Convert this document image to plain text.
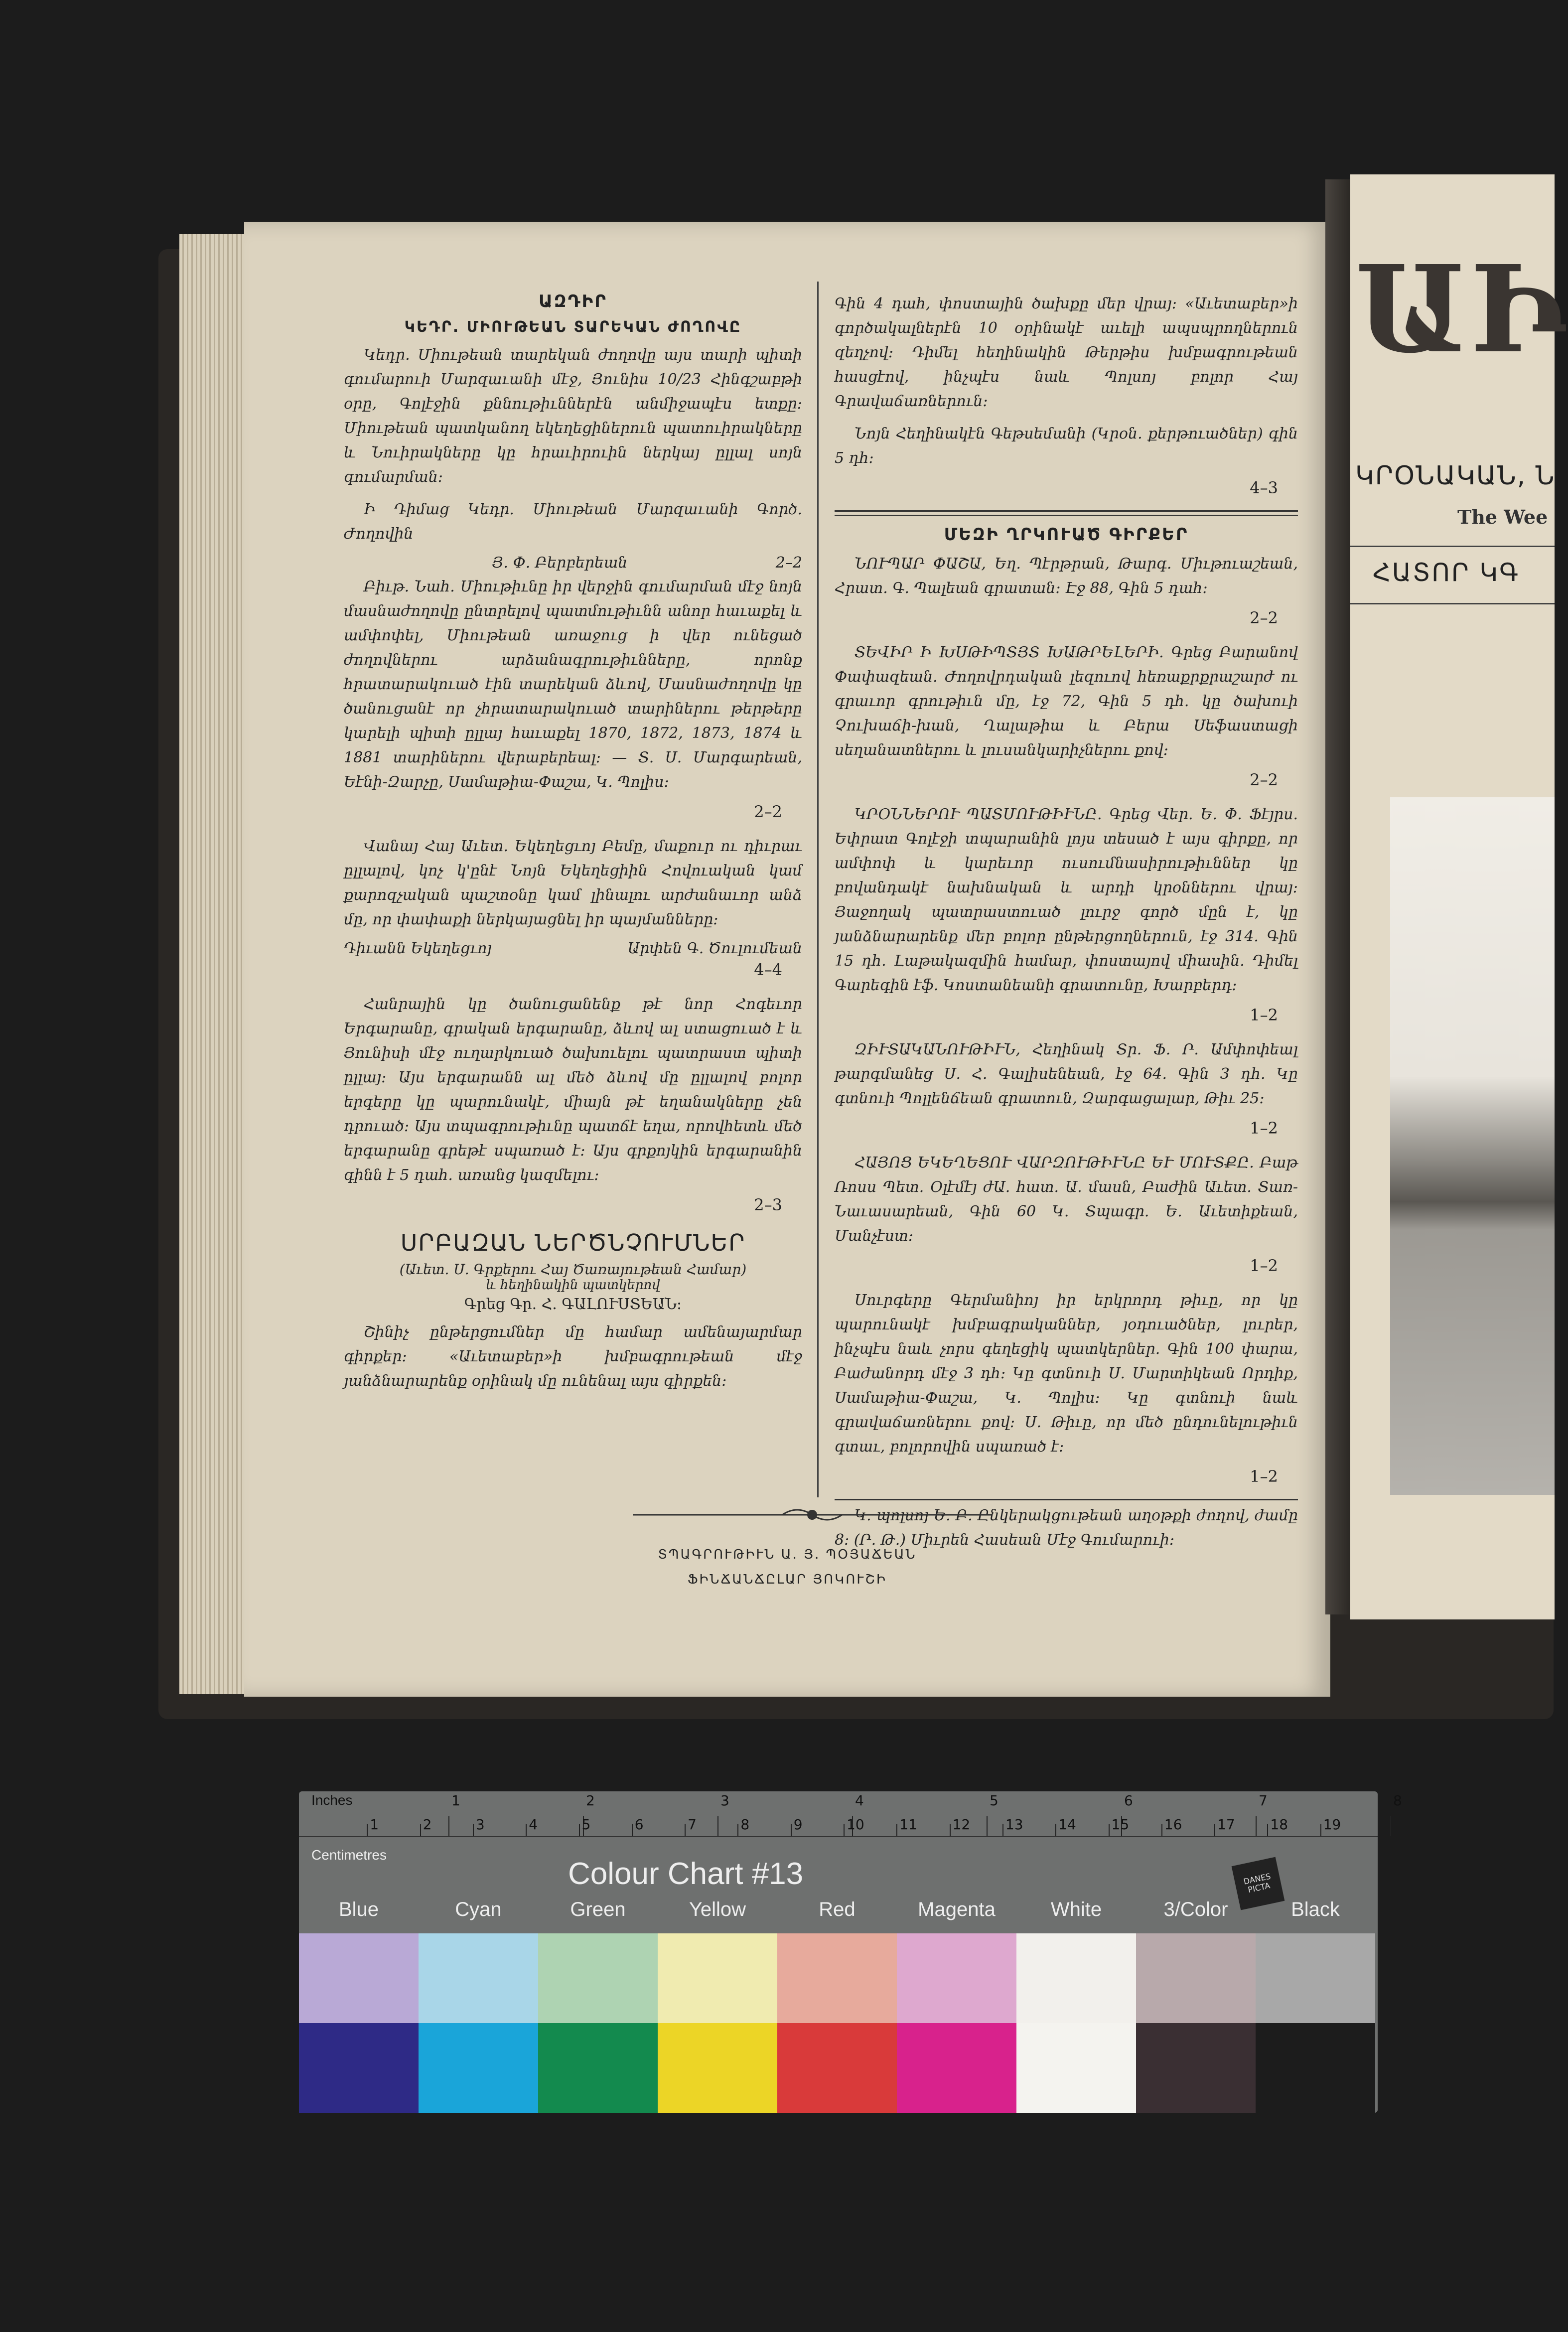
ԱԶԴԻՐ

ԿԵԴՐ. ՄԻՈՒԹԵԱՆ ՏԱՐԵԿԱՆ ԺՈՂՈՎԸ

Կեդր. Միութեան տարեկան ժողովը այս տարի պիտի գումարուի Մարզաւանի մէջ, Յունիս 10/23 Հինգշաբթի օրը, Գոլէջին քննութիւններէն անմիջապէս ետքը։ Միութեան պատկանող եկեղեցիներուն պատուիրակները և Նուիրակները կը հրաւիրուին ներկայ ըլլալ սոյն գումարման։

Ի Դիմաց Կեդր. Միութեան Մարզաւանի Գործ. Ժողովին

Յ. Փ. Բերբերեան	2–2

Բիւթ. Նահ. Միութիւնը իր վերջին գումարման մէջ նոյն մասնաժողովը ընտրելով պատմութիւնն անոր հաւաքել և ամփոփել, Միութեան առաջուց ի վեր ունեցած ժողովներու արձանագրութիւնները, որոնք հրատարակուած էին տարեկան ձևով, Մասնաժողովը կը ծանուցանէ որ չհրատարակուած տարիներու թերթերը կարելի պիտի ըլլայ հաւաքել 1870, 1872, 1873, 1874 և 1881 տարիներու վերաբերեալ։ — Տ. Ս. Մարգարեան, Եէնի-Զարչը, Սամաթիա-Փաշա, Կ. Պոլիս։

2–2

Վանայ Հայ Աւետ. Եկեղեցւոյ Բեմը, մաքուր ու դիւրաւ ըլլալով, կոչ կ'ընէ Նոյն Եկեղեցիին Հովուական կամ քարոզչական պաշտօնը կամ լինալու արժանաւոր անձ մը, որ փափաքի ներկայացնել իր պայմանները։

Դիւանն Եկեղեցւոյ	Արփեն Գ. Ծուլումեան

4–4

Հանրային կը ծանուցանենք թէ նոր Հոգեւոր Երգարանը, գրական երգարանը, ձևով ալ ստացուած է և Յունիսի մէջ ուղարկուած ծախուելու պատրաստ պիտի ըլլայ։ Այս երգարանն ալ մեծ ձևով մը ըլլալով բոլոր երգերը կը պարունակէ, միայն թէ եղանակները չեն դրուած։ Այս տպագրութիւնը պատճէ եղա, որովհետև մեծ երգարանը գրեթէ սպառած է։ Այս գրքոյկին երգարանին գինն է 5 դահ. առանց կազմելու։

2–3

ՍՐԲԱԶԱՆ ՆԵՐԾՆՉՈՒՄՆԵՐ

(Աւետ. Ս. Գրքերու Հայ Ծառայութեան Համար)

և հեղինակին պատկերով

Գրեց Գր. Հ. ԳԱԼՈՒՍՏԵԱՆ։

Շինիչ ընթերցումներ մը համար ամենայարմար գիրքեր։ «Աւետաբեր»ի խմբագրութեան մէջ յանձնարարենք օրինակ մը ունենալ այս գիրքեն։

Գին 4 դահ, փոստային ծախքը մեր վրայ։ «Աւետաբեր»ի գործակալներէն 10 օրինակէ աւելի ապսպրողներուն զեղչով։ Դիմել հեղինակին Թերթիս խմբագրութեան հասցէով, ինչպէս նաև Պոլսոյ բոլոր Հայ Գրավաճառներուն։

Նոյն Հեղինակէն Գեթսեմանի (Կրօն. քերթուածներ) գին 5 դհ։

4–3

ՄԵԶԻ ՂՐԿՈՒԱԾ ԳԻՐՔԵՐ

ՆՈՒՊԱՐ ՓԱՇԱ, Եղ. Պէրթրան, Թարգ. Միւթուաշեան, Հրատ. Գ. Պալեան գրատան։ Էջ 88, Գին 5 դահ։

2–2

ՏԵՎԻՐ Ի ԽՍԹԻՊՏՅՏ ԽԱԹՐԵԼԵՐԻ. Գրեց Բարանով Փափազեան. Ժողովրդական լեզուով հեռաքրքրաշարժ ու գրաւոր գրութիւն մը, էջ 72, Գին 5 դհ. կը ծախուի Չուխաճի-խան, Ղալաթիա և Բերա Սեֆաստացի սեղանատներու և լուսանկարիչներու քով։

2–2

ԿՐՕՆՆԵՐՈՒ ՊԱՏՄՈՒԹԻՒՆԸ. Գրեց Վեր. Ե. Փ. Ֆէյրս. Եփրատ Գոլէջի տպարանին լոյս տեսած է այս գիրքը, որ ամփոփ և կարեւոր ուսումնասիրութիւններ կը բովանդակէ նախնական և արդի կրօններու վրայ։ Յաջողակ պատրաստուած լուրջ գործ մըն է, կը յանձնարարենք մեր բոլոր ընթերցողներուն, էջ 314. Գին 15 դհ. Լաթակազմին համար, փոստայով միասին. Դիմել Գարեգին էֆ. Կոստանեանի գրատունը, Խարբերդ։

1–2

ԶԻՒՏԱԿԱՆՈՒԹԻՒՆ, Հեղինակ Տր. Ֆ. Ր. Ամփոփեալ թարգմանեց Ս. Հ. Գալիսենեան, էջ 64. Գին 3 դհ. Կը գտնուի Պոլլենճեան գրատուն, Զարգացալար, Թիւ 25։

1–2

ՀԱՅՈՑ ԵԿԵՂԵՑՈՒ ՎԱՐԶՈՒԹԻՒՆԸ ԵՒ ՄՈՒՏՔԸ. Բաթ Ռոսս Պետ. Օլէմէյ ժԱ. հատ. Ա. մասն, Բաժին Աւետ. Տառ-Նաւասարեան, Գին 60 Կ. Տպագր. Ե. Աւետիքեան, Մանչէստ։

1–2

Սուրգերը Գերմանիոյ իր երկրորդ թիւը, որ կը պարունակէ խմբագրականներ, յօդուածներ, լուրեր, ինչպէս նաև չորս գեղեցիկ պատկերներ. Գին 100 փարա, Բաժանորդ մէջ 3 դհ։ Կը գտնուի Ս. Մարտիկեան Որդիք, Սամաթիա-Փաշա, Կ. Պոլիս։ Կը գտնուի նաև գրավաճառներու քով։ Ս. Թիւը, որ մեծ ընդունելութիւն գտաւ, բոլորովին սպառած է։

1–2

Կ. պոլսոյ Ե. Բ. Ընկերակցութեան աղօթքի ժողով, ժամը 8: (Ր. Թ.) Միւրեն Հասեան Մէջ Գումարուի։

ՏՊԱԳՐՈՒԹԻՒՆ Ա. Յ. ՊՕՅԱՃԵԱՆ
ՖԻՆՃԱՆՃԸԼԱՐ ՅՈԿՈՒՇԻ
ԱԻ
ԿՐՕՆԱԿԱՆ, Ն
The Wee
ՀԱՏՈՐ ԿԳ
Inches	1	2	3	4	5	6	7	8
1	2	3	4	5	6	7	8	9	10	11	12	13	14	15	16	17	18	19
Centimetres
Colour Chart #13	DANES PICTA
Blue	Cyan	Green	Yellow	Red	Magenta	White	3/Color	Black
